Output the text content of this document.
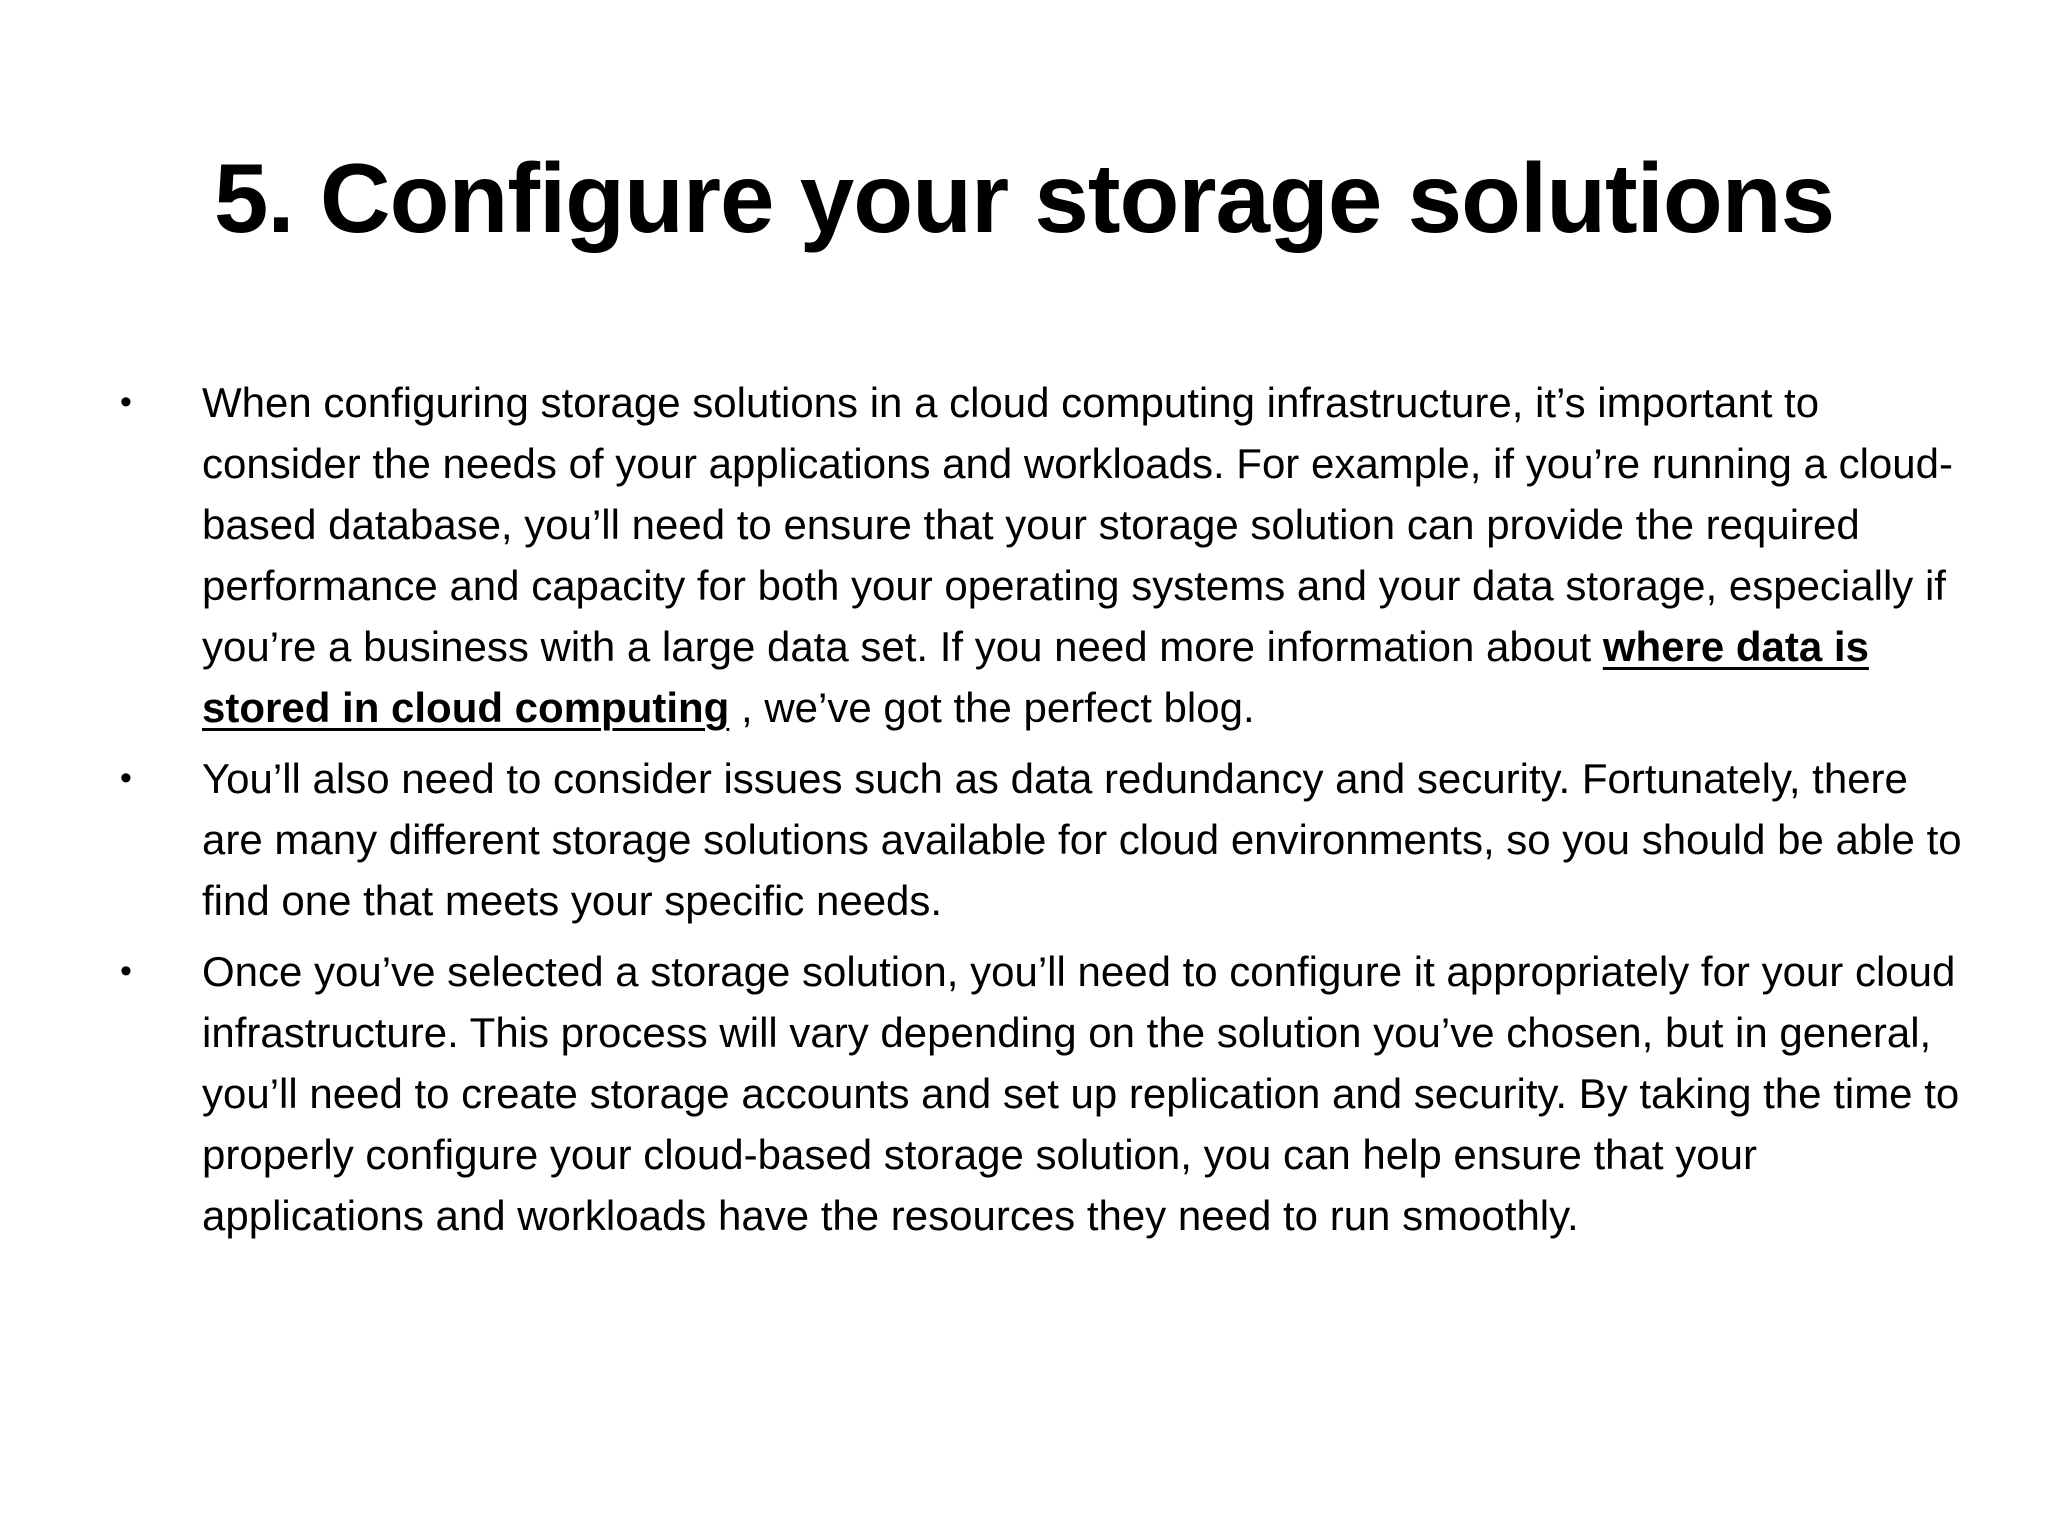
5. Configure your storage solutions
•	When configuring storage solutions in a cloud computing infrastructure, it’s important to consider the needs of your applications and workloads. For example, if you’re running a cloud-based database, you’ll need to ensure that your storage solution can provide the required performance and capacity for both your operating systems and your data storage, especially if you’re a business with a large data set. If you need more information about where data is stored in cloud computing , we’ve got the perfect blog.
•	You’ll also need to consider issues such as data redundancy and security. Fortunately, there are many different storage solutions available for cloud environments, so you should be able to find one that meets your specific needs.
•	Once you’ve selected a storage solution, you’ll need to configure it appropriately for your cloud infrastructure. This process will vary depending on the solution you’ve chosen, but in general, you’ll need to create storage accounts and set up replication and security. By taking the time to properly configure your cloud-based storage solution, you can help ensure that your applications and workloads have the resources they need to run smoothly.
